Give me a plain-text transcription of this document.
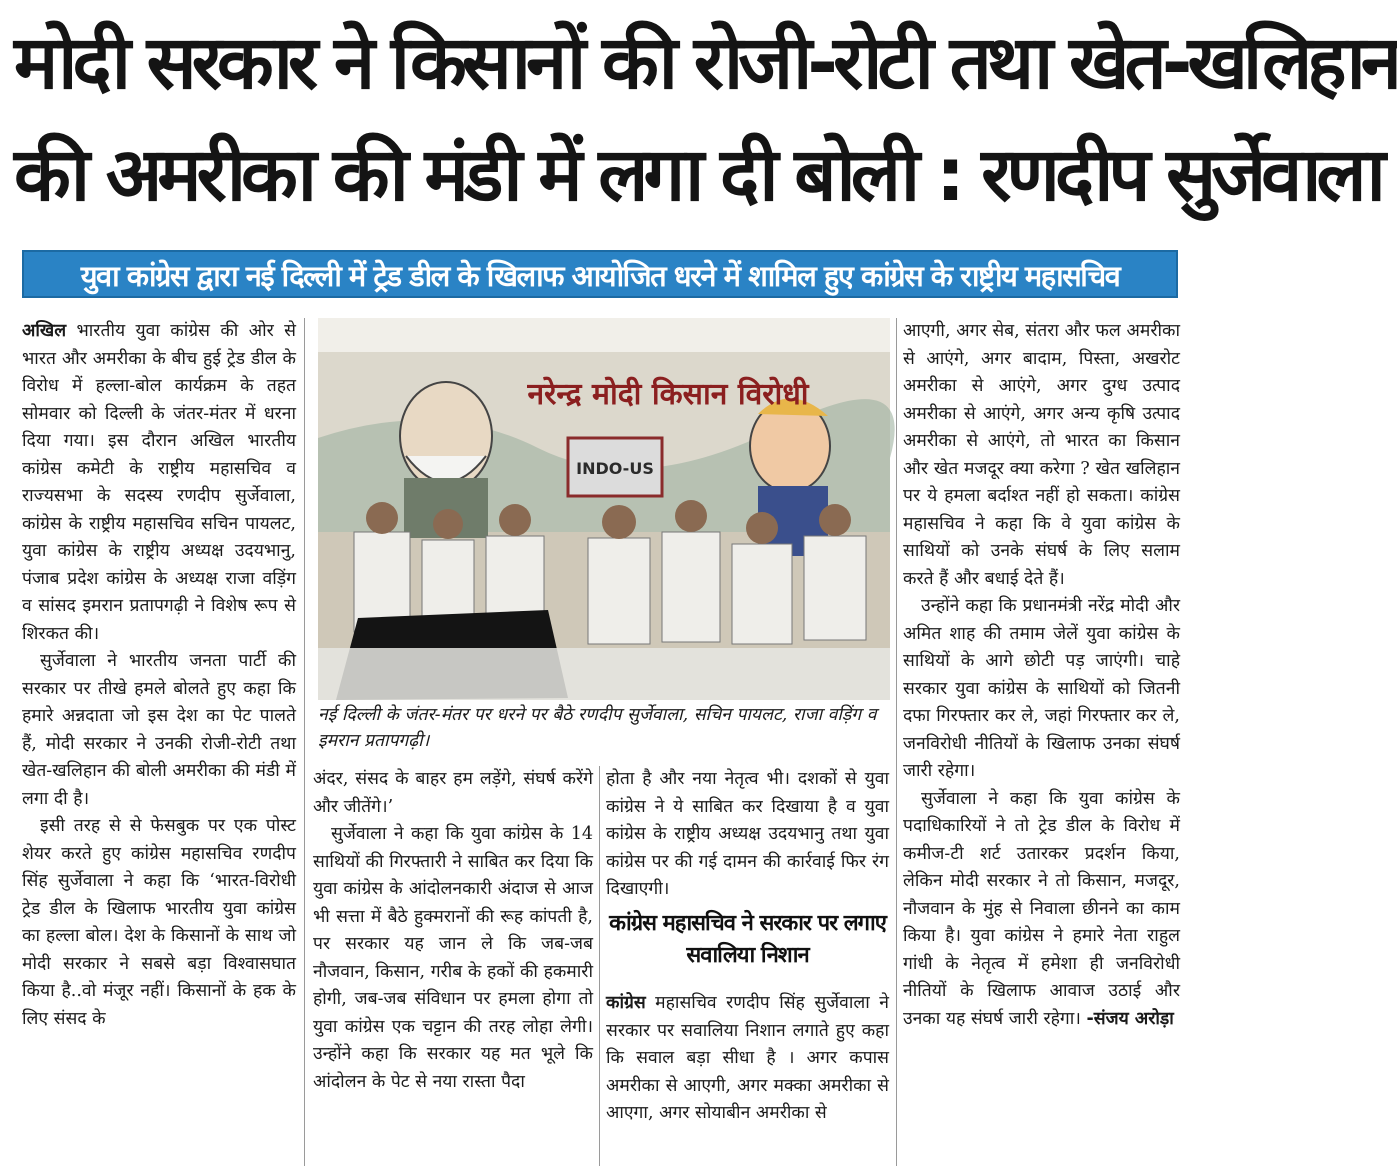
मोदी सरकार ने किसानों की रोजी-रोटी तथा खेत-खलिहान
की अमरीका की मंडी में लगा दी बोली : रणदीप सुर्जेवाला
युवा कांग्रेस द्वारा नई दिल्ली में ट्रेड डील के खिलाफ आयोजित धरने में शामिल हुए कांग्रेस के राष्ट्रीय महासचिव

अखिल भारतीय युवा कांग्रेस की ओर से भारत और अमरीका के बीच हुई ट्रेड डील के विरोध में हल्ला-बोल कार्यक्रम के तहत सोमवार को दिल्ली के जंतर-मंतर में धरना दिया गया। इस दौरान अखिल भारतीय कांग्रेस कमेटी के राष्ट्रीय महासचिव व राज्यसभा के सदस्य रणदीप सुर्जेवाला, कांग्रेस के राष्ट्रीय महासचिव सचिन पायलट, युवा कांग्रेस के राष्ट्रीय अध्यक्ष उदयभानु, पंजाब प्रदेश कांग्रेस के अध्यक्ष राजा वड़िंग व सांसद इमरान प्रतापगढ़ी ने विशेष रूप से शिरकत की।

सुर्जेवाला ने भारतीय जनता पार्टी की सरकार पर तीखे हमले बोलते हुए कहा कि हमारे अन्नदाता जो इस देश का पेट पालते हैं, मोदी सरकार ने उनकी रोजी-रोटी तथा खेत-खलिहान की बोली अमरीका की मंडी में लगा दी है।

इसी तरह से से फेसबुक पर एक पोस्ट शेयर करते हुए कांग्रेस महासचिव रणदीप सिंह सुर्जेवाला ने कहा कि ‘भारत-विरोधी ट्रेड डील के खिलाफ भारतीय युवा कांग्रेस का हल्ला बोल। देश के किसानों के साथ जो मोदी सरकार ने सबसे बड़ा विश्वासघात किया है..वो मंजूर नहीं। किसानों के हक के लिए संसद के

INDO-US
नरेन्द्र मोदी किसान विरोधी
नई दिल्ली के जंतर-मंतर पर धरने पर बैठे रणदीप सुर्जेवाला, सचिन पायलट, राजा वड़िंग व इमरान प्रतापगढ़ी।

अंदर, संसद के बाहर हम लड़ेंगे, संघर्ष करेंगे और जीतेंगे।’

सुर्जेवाला ने कहा कि युवा कांग्रेस के 14 साथियों की गिरफ्तारी ने साबित कर दिया कि युवा कांग्रेस के आंदोलनकारी अंदाज से आज भी सत्ता में बैठे हुक्मरानों की रूह कांपती है, पर सरकार यह जान ले कि जब-जब नौजवान, किसान, गरीब के हकों की हकमारी होगी, जब-जब संविधान पर हमला होगा तो युवा कांग्रेस एक चट्टान की तरह लोहा लेगी। उन्होंने कहा कि सरकार यह मत भूले कि आंदोलन के पेट से नया रास्ता पैदा

होता है और नया नेतृत्व भी। दशकों से युवा कांग्रेस ने ये साबित कर दिखाया है व युवा कांग्रेस के राष्ट्रीय अध्यक्ष उदयभानु तथा युवा कांग्रेस पर की गई दामन की कार्रवाई फिर रंग दिखाएगी।

कांग्रेस महासचिव ने सरकार पर लगाए सवालिया निशान

कांग्रेस महासचिव रणदीप सिंह सुर्जेवाला ने सरकार पर सवालिया निशान लगाते हुए कहा कि सवाल बड़ा सीधा है । अगर कपास अमरीका से आएगी, अगर मक्का अमरीका से आएगा, अगर सोयाबीन अमरीका से

आएगी, अगर सेब, संतरा और फल अमरीका से आएंगे, अगर बादाम, पिस्ता, अखरोट अमरीका से आएंगे, अगर दुग्ध उत्पाद अमरीका से आएंगे, अगर अन्य कृषि उत्पाद अमरीका से आएंगे, तो भारत का किसान और खेत मजदूर क्या करेगा ? खेत खलिहान पर ये हमला बर्दाश्त नहीं हो सकता। कांग्रेस महासचिव ने कहा कि वे युवा कांग्रेस के साथियों को उनके संघर्ष के लिए सलाम करते हैं और बधाई देते हैं।

उन्होंने कहा कि प्रधानमंत्री नरेंद्र मोदी और अमित शाह की तमाम जेलें युवा कांग्रेस के साथियों के आगे छोटी पड़ जाएंगी। चाहे सरकार युवा कांग्रेस के साथियों को जितनी दफा गिरफ्तार कर ले, जहां गिरफ्तार कर ले, जनविरोधी नीतियों के खिलाफ उनका संघर्ष जारी रहेगा।

सुर्जेवाला ने कहा कि युवा कांग्रेस के पदाधिकारियों ने तो ट्रेड डील के विरोध में कमीज-टी शर्ट उतारकर प्रदर्शन किया, लेकिन मोदी सरकार ने तो किसान, मजदूर, नौजवान के मुंह से निवाला छीनने का काम किया है। युवा कांग्रेस ने हमारे नेता राहुल गांधी के नेतृत्व में हमेशा ही जनविरोधी नीतियों के खिलाफ आवाज उठाई और उनका यह संघर्ष जारी रहेगा। -संजय अरोड़ा
